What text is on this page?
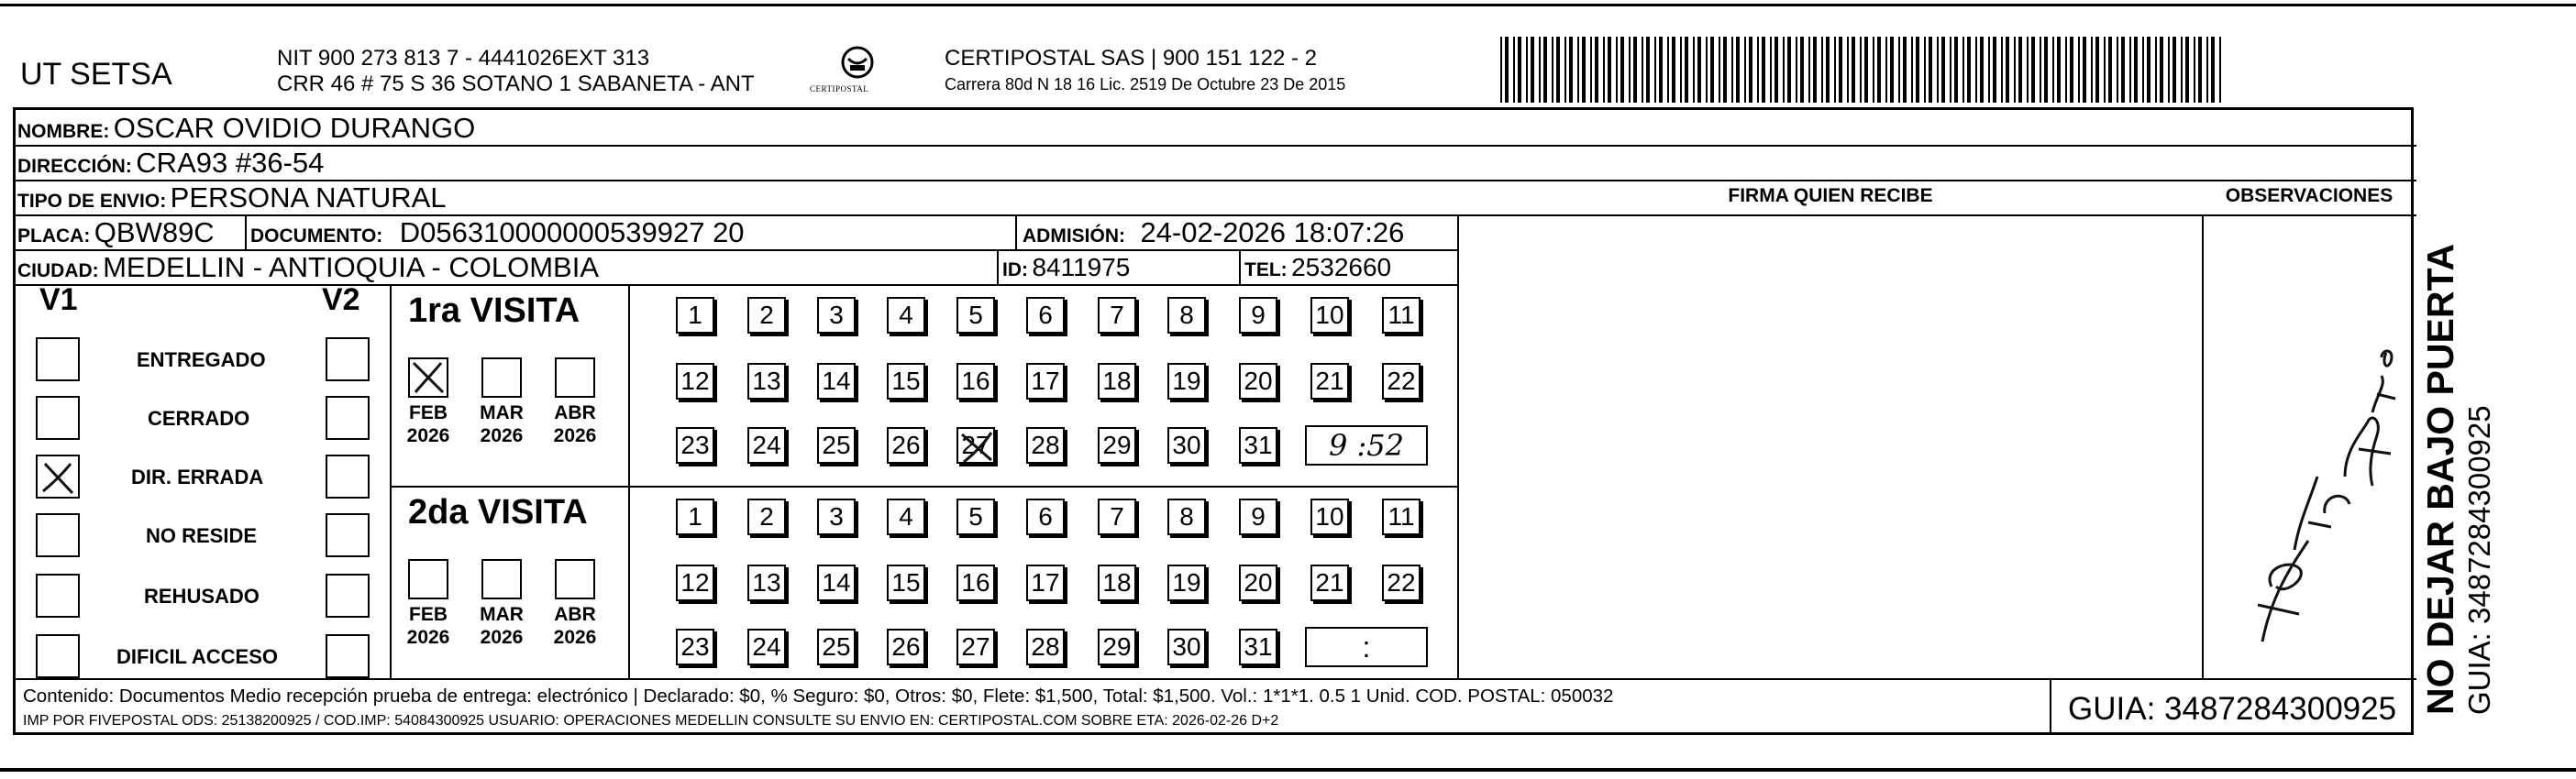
UT SETSA	NIT 900 273 813 7 - 4441026EXT 313
CRR 46 # 75 S 36 SOTANO 1 SABANETA - ANT	CERTIPOSTAL
CERTIPOSTAL SAS | 900 151 122 - 2
Carrera 80d N 18 16 Lic. 2519 De Octubre 23 De 2015
NOMBRE: OSCAR OVIDIO DURANGO
DIRECCIÓN: CRA93 #36-54
TIPO DE ENVIO: PERSONA NATURAL	FIRMA QUIEN RECIBE	OBSERVACIONES
PLACA: QBW89C DOCUMENTO: D056310000000539927 20	ADMISIÓN: 24-02-2026 18:07:26
CIUDAD: MEDELLIN - ANTIOQUIA - COLOMBIA	ID: 8411975	TEL: 2532660
V1	V2
ENTREGADO
CERRADO
DIR. ERRADA
NO RESIDE
REHUSADO
DIFICIL ACCESO
1ra VISITA
FEB
2026
MAR
2026
ABR
2026
1	2	3	4	5	6	7	8	9	10 11
12 13 14 15 16 17 18 19 20 21 22
23 24 25 26 27 28 29 30 31	9 :52
2da VISITA
FEB
2026
MAR
2026
ABR
2026
1	2	3	4	5	6	7	8	9	10 11
12 13 14 15 16 17 18 19 20 21 22
23 24 25 26 27 28 29 30 31	:
Contenido: Documentos Medio recepción prueba de entrega: electrónico | Declarado: $0, % Seguro: $0, Otros: $0, Flete: $1,500, Total: $1,500. Vol.: 1*1*1. 0.5 1 Unid. COD. POSTAL: 050032
IMP POR FIVEPOSTAL ODS: 25138200925 / COD.IMP: 54084300925 USUARIO: OPERACIONES MEDELLIN CONSULTE SU ENVIO EN: CERTIPOSTAL.COM SOBRE ETA: 2026-02-26 D+2	GUIA: 3487284300925 NO DEJAR BAJO PUERTA GUIA: 3487284300925
